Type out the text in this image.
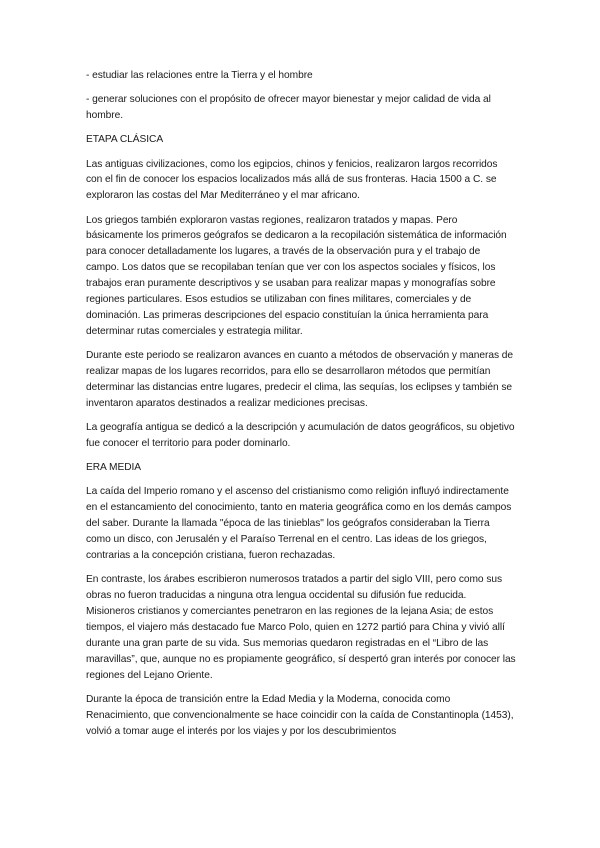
- estudiar las relaciones entre la Tierra y el hombre

- generar soluciones con el propósito de ofrecer mayor bienestar y mejor calidad de vida al hombre.

ETAPA CLÁSICA

Las antiguas civilizaciones, como los egipcios, chinos y fenicios, realizaron largos recorridos con el fin de conocer los espacios localizados más allá de sus fronteras. Hacia 1500 a C. se exploraron las costas del Mar Mediterráneo y el mar africano.

Los griegos también exploraron vastas regiones, realizaron tratados y mapas. Pero básicamente los primeros geógrafos se dedicaron a la recopilación sistemática de información para conocer detalladamente los lugares, a través de la observación pura y el trabajo de campo. Los datos que se recopilaban tenían que ver con los aspectos sociales y físicos, los trabajos eran puramente descriptivos y se usaban para realizar mapas y monografías sobre regiones particulares. Esos estudios se utilizaban con fines militares, comerciales y de dominación. Las primeras descripciones del espacio constituían la única herramienta para determinar rutas comerciales y estrategia militar.

Durante este periodo se realizaron avances en cuanto a métodos de observación y maneras de realizar mapas de los lugares recorridos, para ello se desarrollaron métodos que permitían determinar las distancias entre lugares, predecir el clima, las sequías, los eclipses y también se inventaron aparatos destinados a realizar mediciones precisas.

La geografía antigua se dedicó a la descripción y acumulación de datos geográficos, su objetivo fue conocer el territorio para poder dominarlo.

ERA MEDIA

La caída del Imperio romano y el ascenso del cristianismo como religión influyó indirectamente en el estancamiento del conocimiento, tanto en materia geográfica como en los demás campos del saber. Durante la llamada "época de las tinieblas" los geógrafos consideraban la Tierra como un disco, con Jerusalén y el Paraíso Terrenal en el centro. Las ideas de los griegos, contrarias a la concepción cristiana, fueron rechazadas.

En contraste, los árabes escribieron numerosos tratados a partir del siglo VIII, pero como sus obras no fueron traducidas a ninguna otra lengua occidental su difusión fue reducida. Misioneros cristianos y comerciantes penetraron en las regiones de la lejana Asia; de estos tiempos, el viajero más destacado fue Marco Polo, quien en 1272 partió para China y vivió allí durante una gran parte de su vida. Sus memorias quedaron registradas en el “Libro de las maravillas”, que, aunque no es propiamente geográfico, sí despertó gran interés por conocer las regiones del Lejano Oriente.

Durante la época de transición entre la Edad Media y la Moderna, conocida como Renacimiento, que convencionalmente se hace coincidir con la caída de Constantinopla (1453), volvió a tomar auge el interés por los viajes y por los descubrimientos
